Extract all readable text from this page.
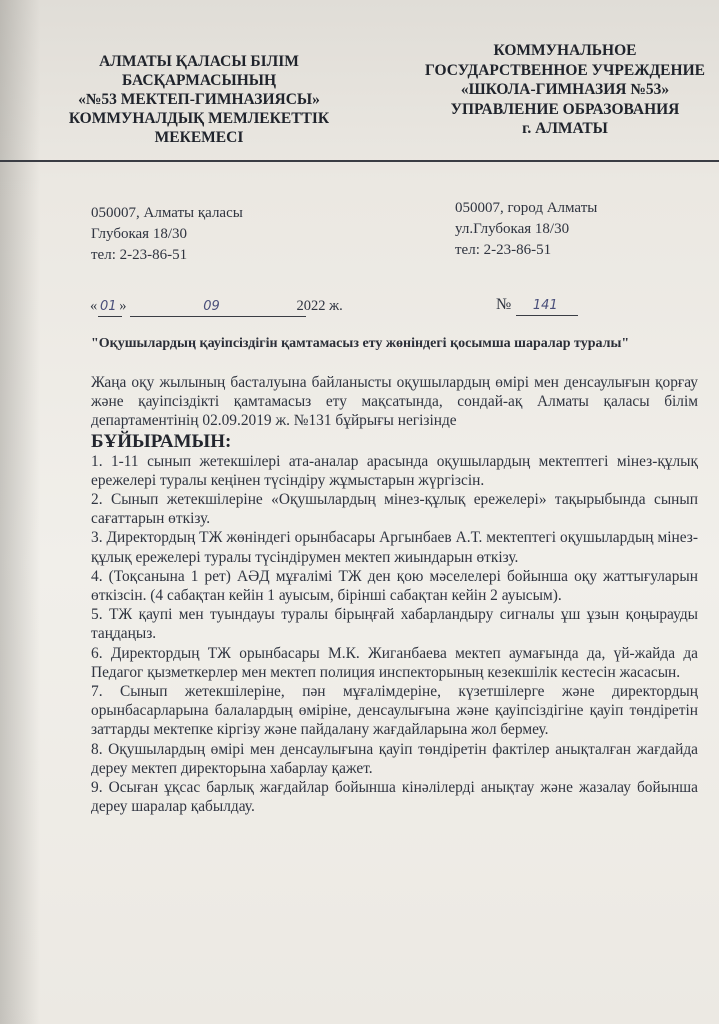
АЛМАТЫ ҚАЛАСЫ БІЛІМ
БАСҚАРМАСЫНЫҢ
«№53 МЕКТЕП-ГИМНАЗИЯСЫ»
КОММУНАЛДЫҚ МЕМЛЕКЕТТІК
МЕКЕМЕСІ
КОММУНАЛЬНОЕ
ГОСУДАРСТВЕННОЕ УЧРЕЖДЕНИЕ
«ШКОЛА-ГИМНАЗИЯ №53»
УПРАВЛЕНИЕ ОБРАЗОВАНИЯ
г. АЛМАТЫ
050007, Алматы қаласы
Глубокая 18/30
тел: 2-23-86-51
050007, город Алматы
ул.Глубокая 18/30
тел: 2-23-86-51
« 01 »	09	2022 ж.	№ 141
"Оқушылардың қауіпсіздігін қамтамасыз ету жөніндегі қосымша шаралар туралы"

Жаңа оқу жылының басталуына байланысты оқушылардың өмірі мен денсаулығын қорғау және қауіпсіздікті қамтамасыз ету мақсатында, сондай-ақ Алматы қаласы білім департаментінің 02.09.2019 ж. №131 бұйрығы негізінде

БҰЙЫРАМЫН:

1. 1-11 сынып жетекшілері ата-аналар арасында оқушылардың мектептегі мінез-құлық ережелері туралы кеңінен түсіндіру жұмыстарын жүргізсін.

2. Сынып жетекшілеріне «Оқушылардың мінез-құлық ережелері» тақырыбында сынып сағаттарын өткізу.

3. Директордың ТЖ жөніндегі орынбасары Аргынбаев А.Т. мектептегі оқушылардың мінез-құлық ережелері туралы түсіндірумен мектеп жиындарын өткізу.

4. (Тоқсанына 1 рет) АӘД мұғалімі ТЖ ден қою мәселелері бойынша оқу жаттығуларын өткізсін. (4 сабақтан кейін 1 ауысым, бірінші сабақтан кейін 2 ауысым).

5. ТЖ қаупі мен туындауы туралы бірыңғай хабарландыру сигналы ұш ұзын қоңырауды таңдаңыз.

6. Директордың ТЖ орынбасары М.К. Жиганбаева мектеп аумағында да, үй-жайда да Педагог қызметкерлер мен мектеп полиция инспекторының кезекшілік кестесін жасасын.

7. Сынып жетекшілеріне, пән мұғалімдеріне, күзетшілерге және директордың орынбасарларына балалардың өміріне, денсаулығына және қауіпсіздігіне қауіп төндіретін заттарды мектепке кіргізу және пайдалану жағдайларына жол бермеу.

8. Оқушылардың өмірі мен денсаулығына қауіп төндіретін фактілер анықталған жағдайда дереу мектеп директорына хабарлау қажет.

9. Осыған ұқсас барлық жағдайлар бойынша кінәлілерді анықтау және жазалау бойынша дереу шаралар қабылдау.
